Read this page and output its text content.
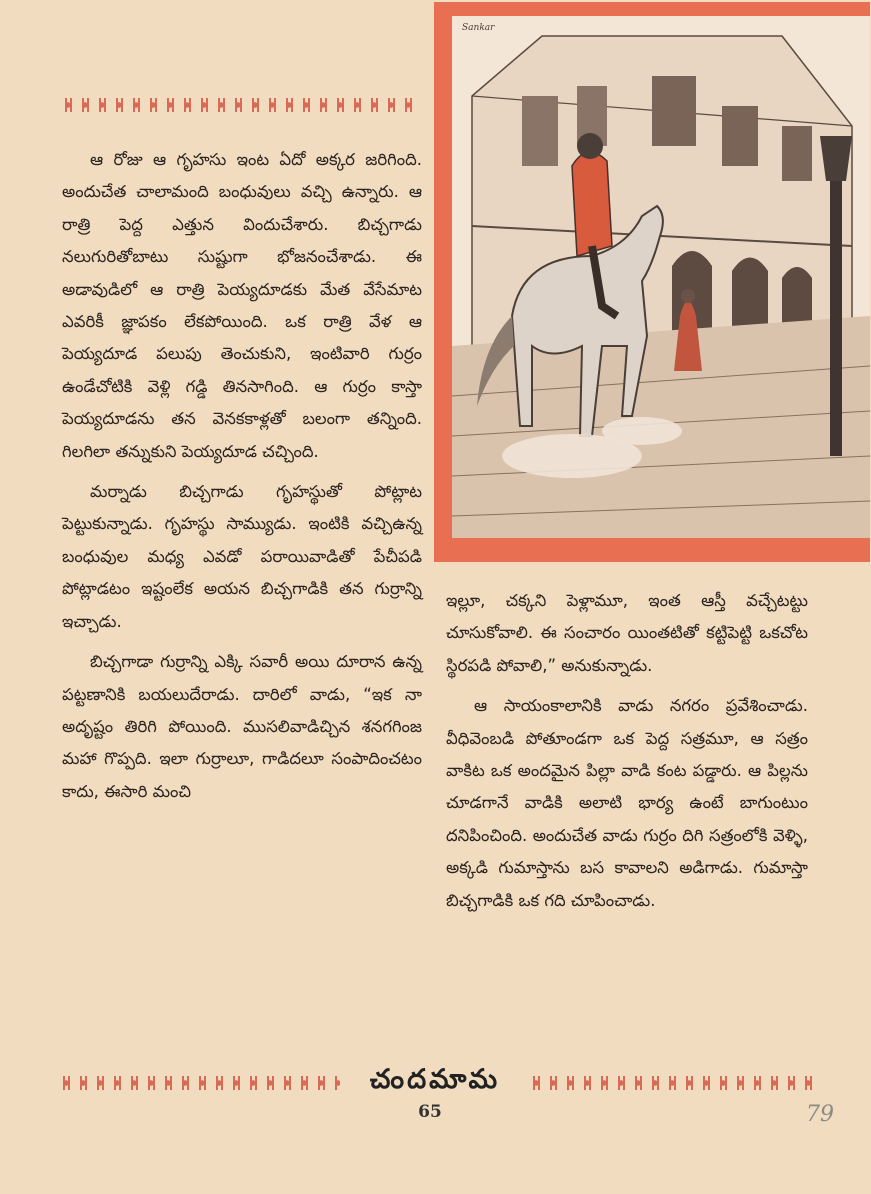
ఆ రోజు ఆ గృహసు ఇంట ఏదో అక్కర జరిగింది. అందుచేత చాలామంది బంధువులు వచ్చి ఉన్నారు. ఆ రాత్రి పెద్ద ఎత్తున విందుచేశారు. బిచ్చగాడు నలుగురితోబాటు సుష్టుగా భోజనంచేశాడు. ఈ అడావుడిలో ఆ రాత్రి పెయ్యదూడకు మేత వేసేమాట ఎవరికీ జ్ఞాపకం లేకపోయింది. ఒక రాత్రి వేళ ఆ పెయ్యదూడ పలుపు తెంచుకుని, ఇంటివారి గుర్రం ఉండేచోటికి వెళ్లి గడ్డి తినసాగింది. ఆ గుర్రం కాస్తా పెయ్యదూడను తన వెనకకాళ్లతో బలంగా తన్నింది. గిలగిలా తన్నుకుని పెయ్యదూడ చచ్చింది.

మర్నాడు బిచ్చగాడు గృహస్థుతో పోట్లాట పెట్టుకున్నాడు. గృహస్థు సామ్యుడు. ఇంటికి వచ్చిఉన్న బంధువుల మధ్య ఎవడో పరాయివాడితో పేచీపడి పోట్లాడటం ఇష్టంలేక అయన బిచ్చగాడికి తన గుర్రాన్ని ఇచ్చాడు.

బిచ్చగాడా గుర్రాన్ని ఎక్కి సవారీ అయి దూరాన ఉన్న పట్టణానికి బయలుదేరాడు. దారిలో వాడు, “ఇక నా అదృష్టం తిరిగి పోయింది. ముసలివాడిచ్చిన శనగగింజ మహా గొప్పది. ఇలా గుర్రాలూ, గాడిదలూ సంపాదించటం కాదు, ఈసారి మంచి

Sankar

ఇల్లూ, చక్కని పెళ్లామూ, ఇంత ఆస్తీ వచ్చేటట్టు చూసుకోవాలి. ఈ సంచారం యింతటితో కట్టిపెట్టి ఒకచోట స్థిరపడి పోవాలి,” అనుకున్నాడు.

ఆ సాయంకాలానికి వాడు నగరం ప్రవేశించాడు. వీధివెంబడి పోతూండగా ఒక పెద్ద సత్రమూ, ఆ సత్రం వాకిట ఒక అందమైన పిల్లా వాడి కంట పడ్డారు. ఆ పిల్లను చూడగానే వాడికి అలాటి భార్య ఉంటే బాగుంటుం దనిపించింది. అందుచేత వాడు గుర్రం దిగి సత్రంలోకి వెళ్ళి, అక్కడి గుమాస్తాను బస కావాలని అడిగాడు. గుమాస్తా బిచ్చగాడికి ఒక గది చూపించాడు.

చందమామ
65	79
